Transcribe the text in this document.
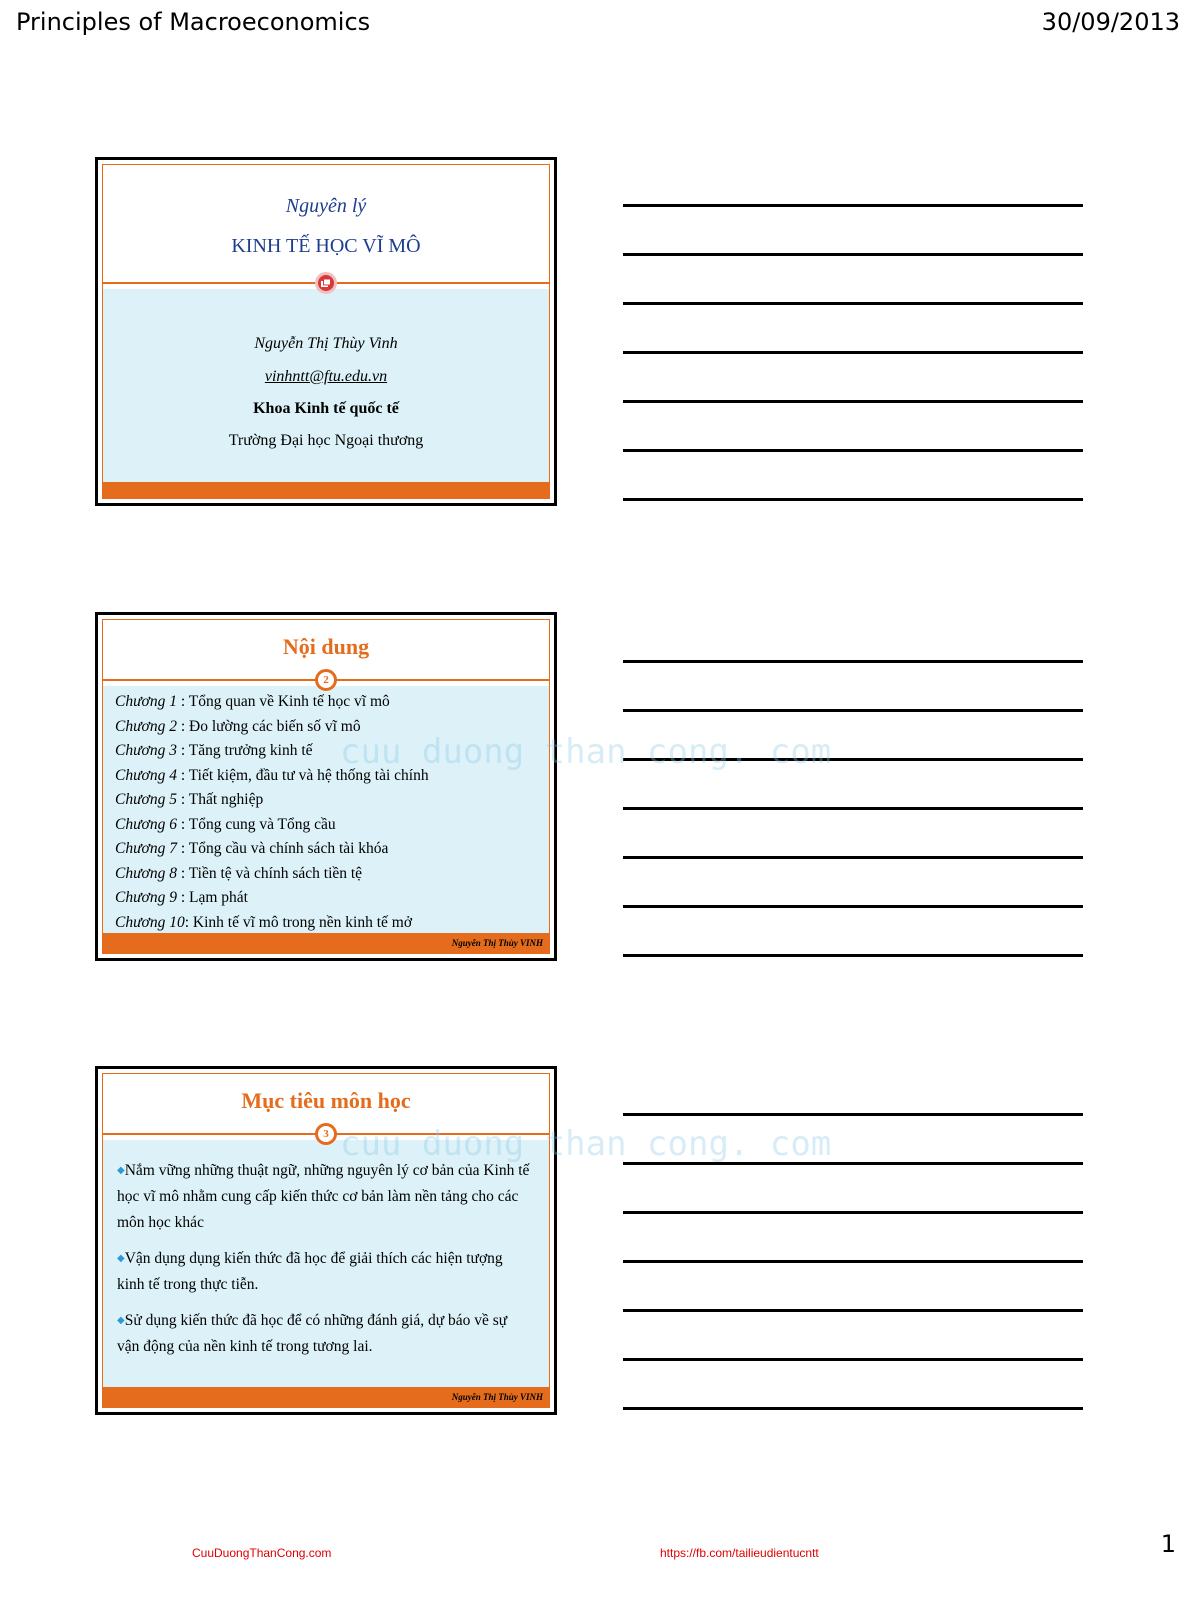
Principles of Macroeconomics	30/09/2013
Nguyên lý
KINH TẾ HỌC VĨ MÔ
Nguyễn Thị Thùy Vinh
vinhntt@ftu.edu.vn
Khoa Kinh tế quốc tế
Trường Đại học Ngoại thương
Nội dung
2
Chương 1 : Tổng quan về Kinh tế học vĩ mô
Chương 2 : Đo lường các biến số vĩ mô
Chương 3 : Tăng trưởng kinh tế
Chương 4 : Tiết kiệm, đầu tư và hệ thống tài chính
Chương 5 : Thất nghiệp
Chương 6 : Tổng cung và Tổng cầu
Chương 7 : Tổng cầu và chính sách tài khóa
Chương 8 : Tiền tệ và chính sách tiền tệ
Chương 9 : Lạm phát
Chương 10: Kinh tế vĩ mô trong nền kinh tế mở
Nguyễn Thị Thùy VINH
Mục tiêu môn học
3

◆Nắm vững những thuật ngữ, những nguyên lý cơ bản của Kinh tế học vĩ mô nhằm cung cấp kiến thức cơ bản làm nền tảng cho các môn học khác

◆Vận dụng dụng kiến thức đã học để giải thích các hiện tượng kinh tế trong thực tiễn.

◆Sử dụng kiến thức đã học để có những đánh giá, dự báo về sự vận động của nền kinh tế trong tương lai.

Nguyễn Thị Thùy VINH
cuu duong than cong. com
cuu duong than cong. com
CuuDuongThanCong.com	https://fb.com/tailieudientucntt	1
